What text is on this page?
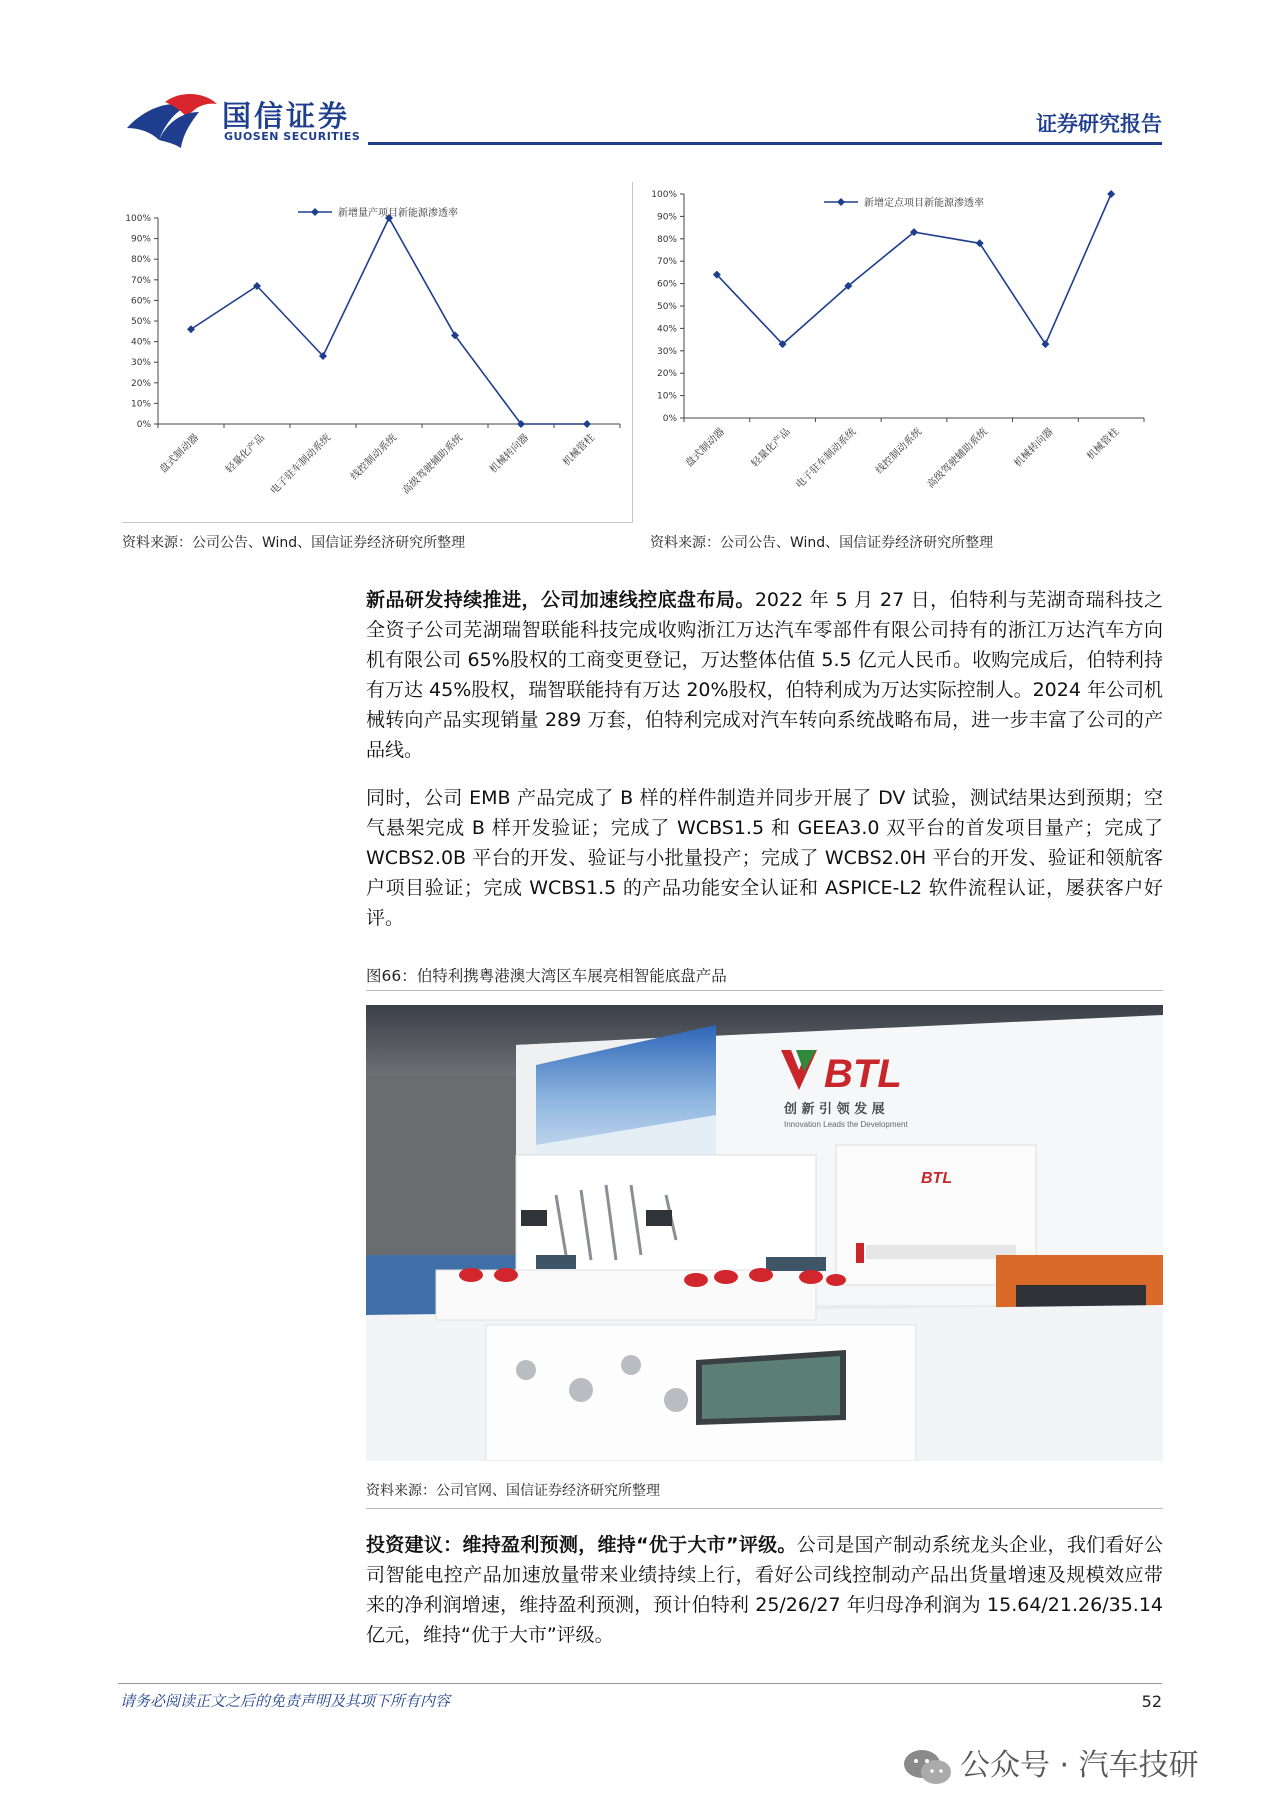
国信证券
GUOSEN SECURITIES
证券研究报告
0%
10%
20%
30%
40%
50%
60%
70%
80%
90%
100%
盘式制动器 轻量化产品 电子驻车制动系统 线控制动系统 高级驾驶辅助系统 机械转向器	机械管柱
新增量产项目新能源渗透率
0%
10%
20%
30%
40%
50%
60%
70%
80%
90%
100%
盘式制动器 轻量化产品 电子驻车制动系统 线控制动系统 高级驾驶辅助系统 机械转向器	机械管柱
新增定点项目新能源渗透率
资料来源：公司公告、Wind、国信证券经济研究所整理	资料来源：公司公告、Wind、国信证券经济研究所整理
新品研发持续推进，公司加速线控底盘布局。2022 年 5 月 27 日，伯特利与芜湖奇瑞科技之全资子公司芜湖瑞智联能科技完成收购浙江万达汽车零部件有限公司持有的浙江万达汽车方向机有限公司 65%股权的工商变更登记，万达整体估值 5.5 亿元人民币。收购完成后，伯特利持有万达 45%股权，瑞智联能持有万达 20%股权，伯特利成为万达实际控制人。2024 年公司机械转向产品实现销量 289 万套，伯特利完成对汽车转向系统战略布局，进一步丰富了公司的产品线。
同时，公司 EMB 产品完成了 B 样的样件制造并同步开展了 DV 试验，测试结果达到预期；空气悬架完成 B 样开发验证；完成了 WCBS1.5 和 GEEA3.0 双平台的首发项目量产；完成了 WCBS2.0B 平台的开发、验证与小批量投产；完成了 WCBS2.0H 平台的开发、验证和领航客户项目验证；完成 WCBS1.5 的产品功能安全认证和 ASPICE-L2 软件流程认证，屡获客户好评。
图66：伯特利携粤港澳大湾区车展亮相智能底盘产品
BTL
创 新 引 领 发 展
Innovation Leads the Development
BTL
资料来源：公司官网、国信证券经济研究所整理
投资建议：维持盈利预测，维持“优于大市”评级。公司是国产制动系统龙头企业，我们看好公司智能电控产品加速放量带来业绩持续上行，看好公司线控制动产品出货量增速及规模效应带来的净利润增速，维持盈利预测，预计伯特利 25/26/27 年归母净利润为 15.64/21.26/35.14 亿元，维持“优于大市”评级。
请务必阅读正文之后的免责声明及其项下所有内容	52
公众号 · 汽车技研
